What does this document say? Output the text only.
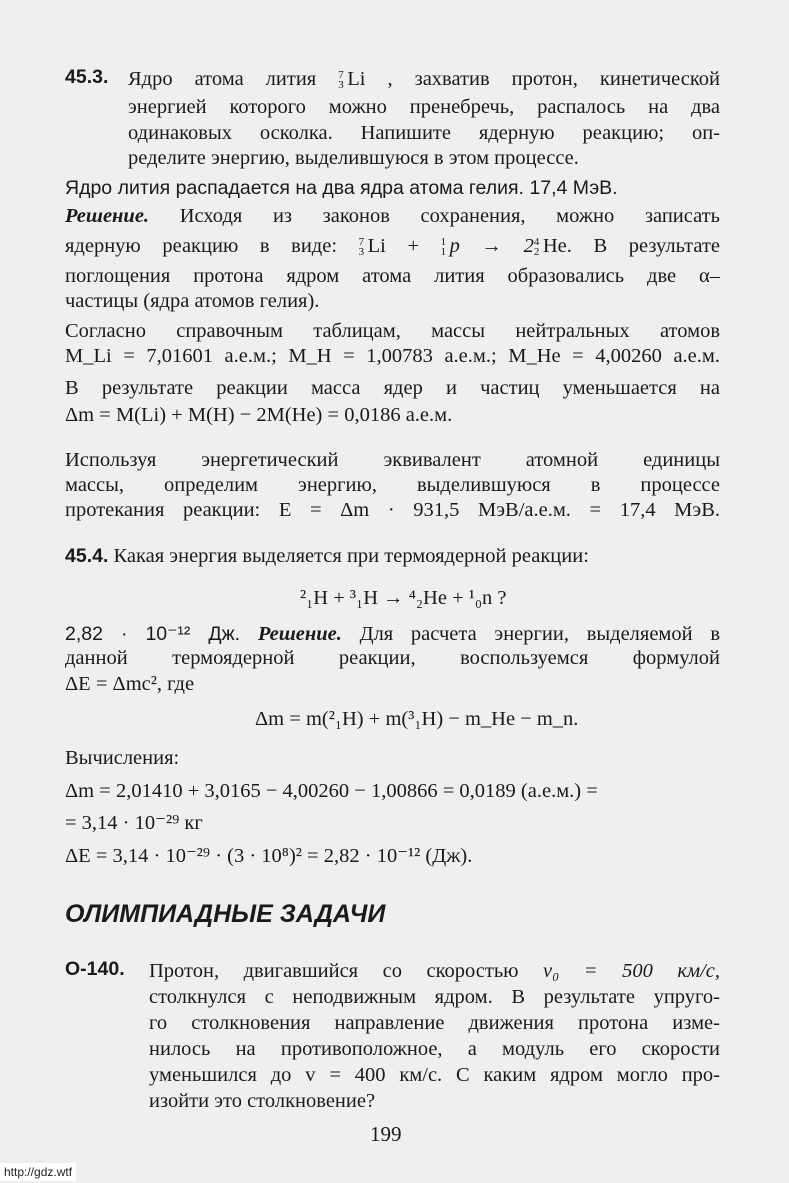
45.3. Ядро атома лития 7
3 Li , захватив протон, кинетической
энергией которого можно пренебречь, распалось на два
одинаковых осколка. Напишите ядерную реакцию; оп-
ределите энергию, выделившуюся в этом процессе.
Ядро лития распадается на два ядра атома гелия. 17,4 МэВ.
Решение. Исходя из законов сохранения, можно записать
ядерную реакцию в виде: 7
3 Li + 1
1 p → 2 4
2 He. В результате
поглощения протона ядром атома лития образовались две α–
частицы (ядра атомов гелия).
Согласно справочным таблицам, массы нейтральных атомов
M_Li = 7,01601 а.е.м.; M_H = 1,00783 а.е.м.; M_He = 4,00260 а.е.м.
В результате реакции масса ядер и частиц уменьшается на
Δm = M(Li) + M(H) − 2M(He) = 0,0186 а.е.м.
Используя энергетический эквивалент атомной единицы
массы, определим энергию, выделившуюся в процессе
протекания реакции: E = Δm · 931,5 МэВ/а.е.м. = 17,4 МэВ.
45.4. Какая энергия выделяется при термоядерной реакции:
²₁H + ³₁H → ⁴₂He + ¹₀n ?
2,82 · 10⁻¹² Дж. Решение. Для расчета энергии, выделяемой в
данной термоядерной реакции, воспользуемся формулой
ΔE = Δmc², где
Δm = m(²₁H) + m(³₁H) − m_He − m_n.
Вычисления:
Δm = 2,01410 + 3,0165 − 4,00260 − 1,00866 = 0,0189 (а.е.м.) =
= 3,14 · 10⁻²⁹ кг
ΔE = 3,14 · 10⁻²⁹ · (3 · 10⁸)² = 2,82 · 10⁻¹² (Дж).
ОЛИМПИАДНЫЕ ЗАДАЧИ
О-140. Протон, двигавшийся со скоростью v₀ = 500 км/с,
столкнулся с неподвижным ядром. В результате упруго-
го столкновения направление движения протона изме-
нилось на противоположное, а модуль его скорости
уменьшился до v = 400 км/с. С каким ядром могло про-
изойти это столкновение?
199
http://gdz.wtf
